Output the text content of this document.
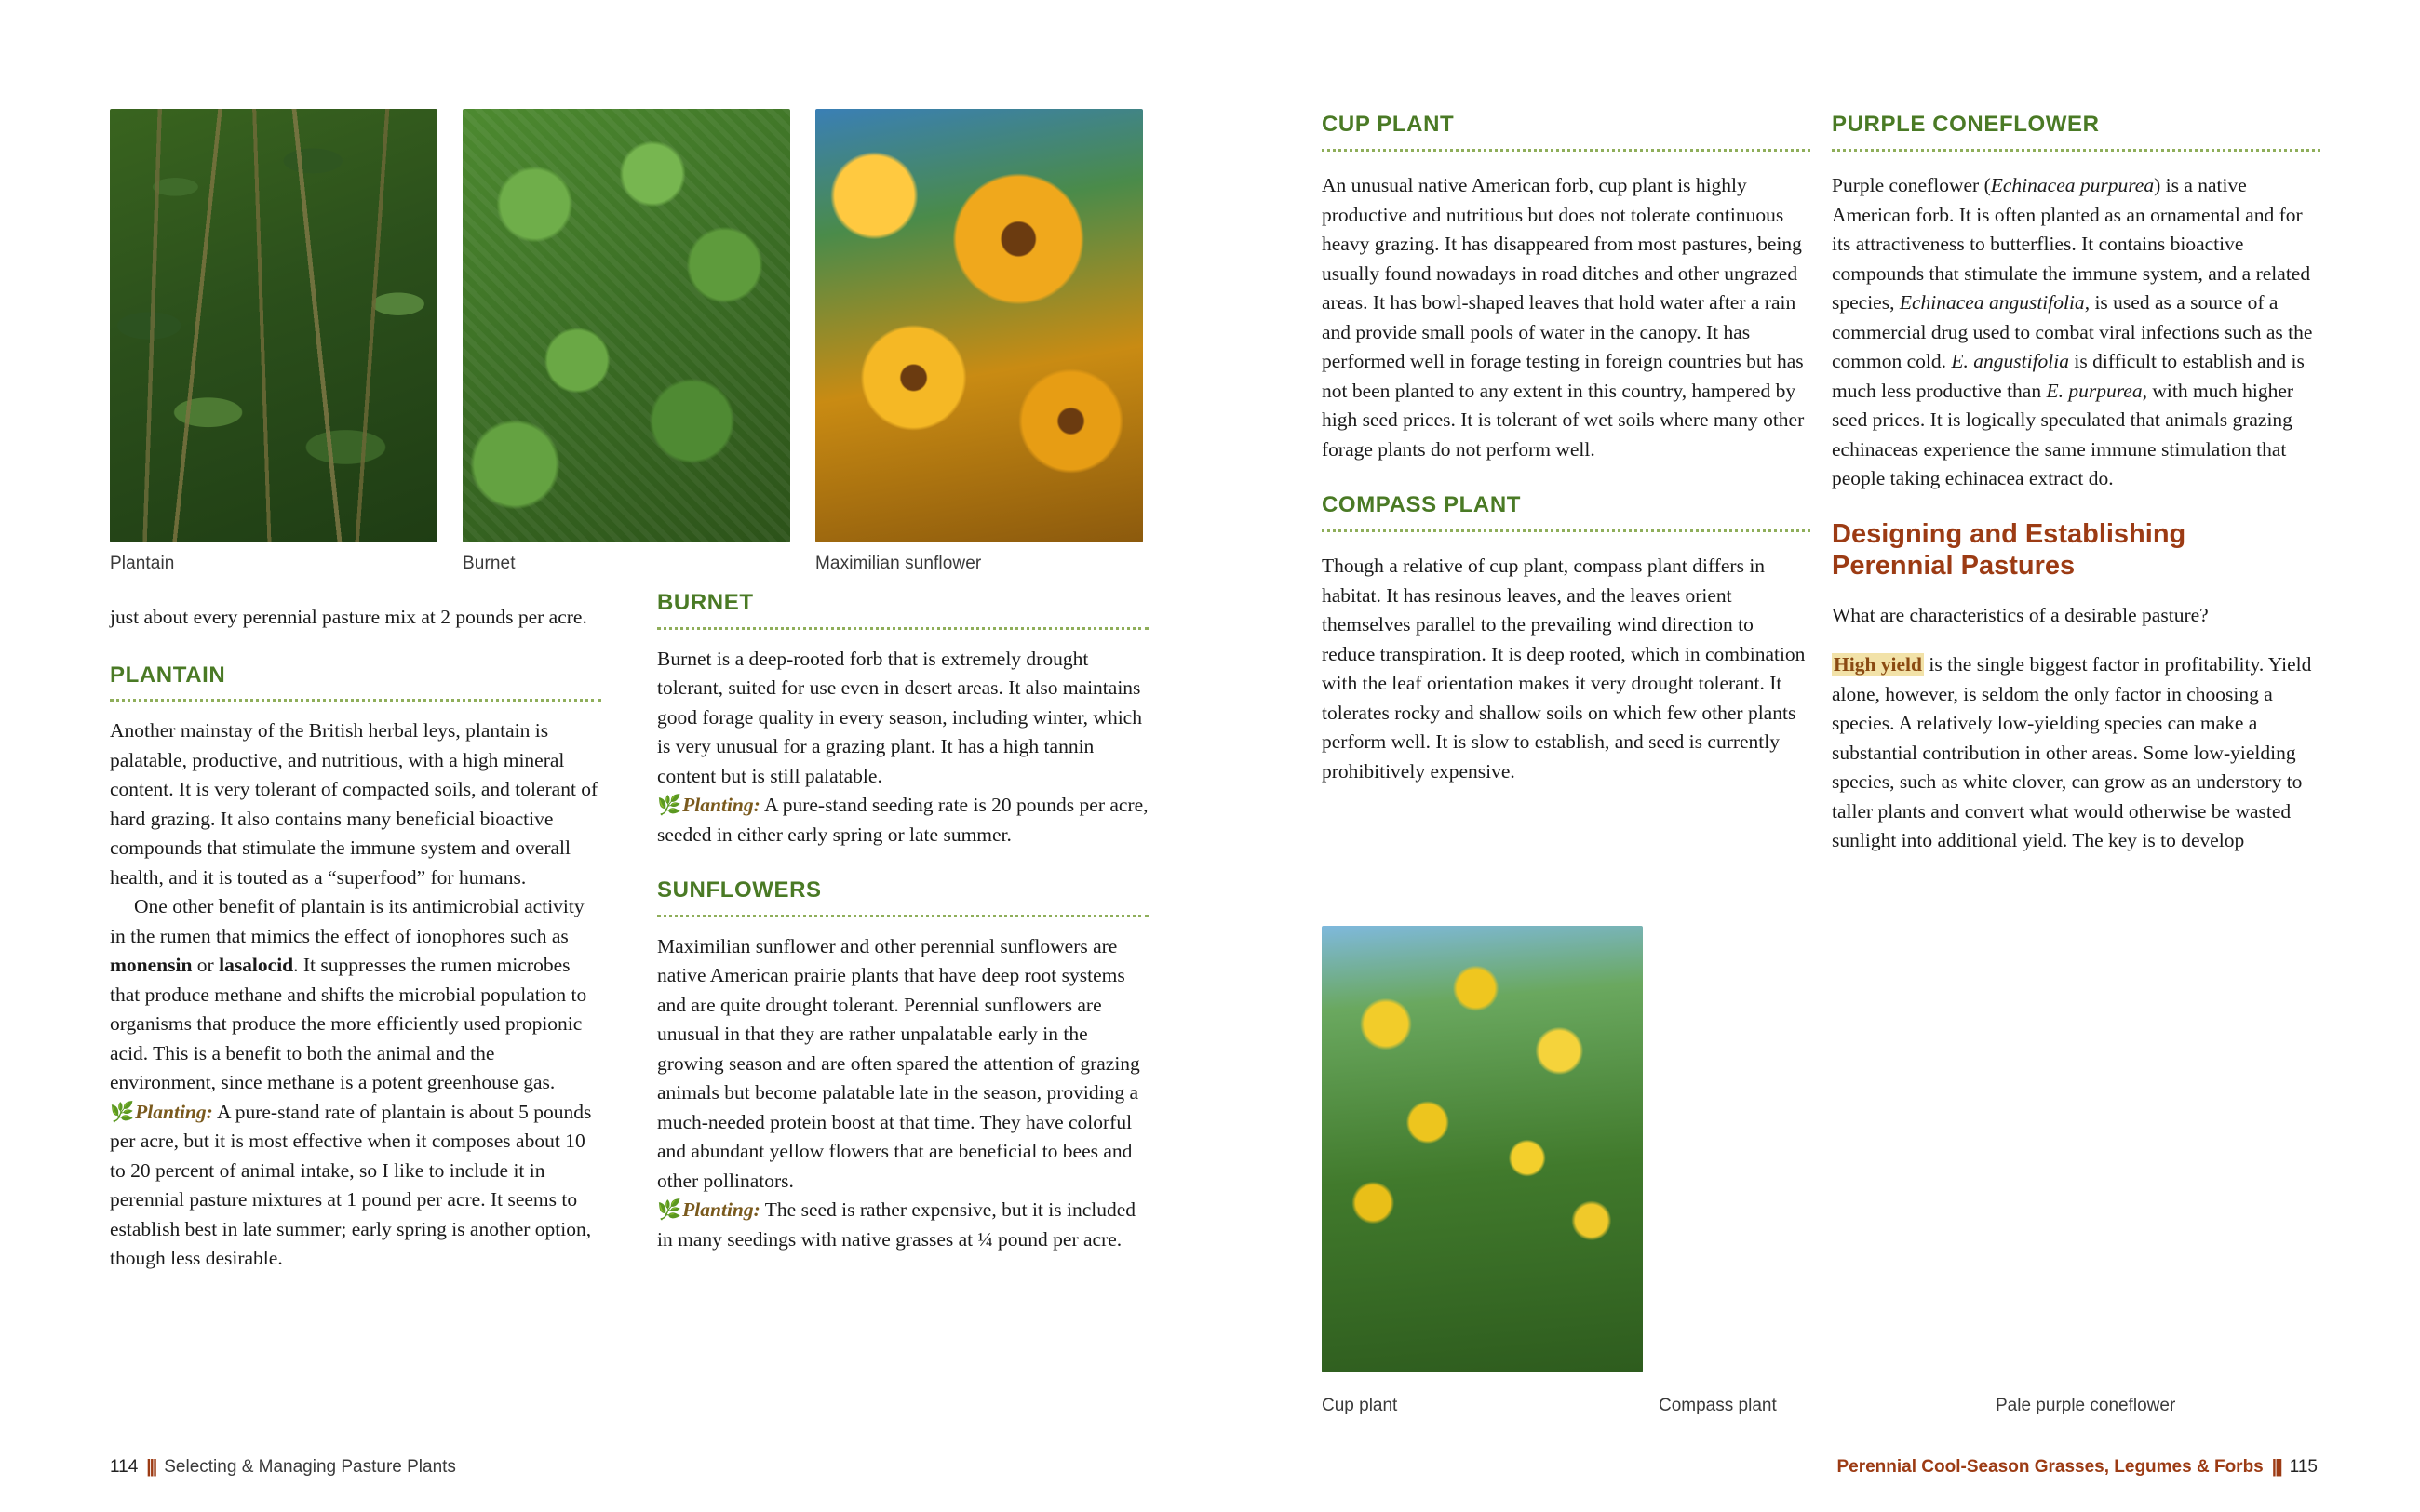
Plantain	Burnet	Maximilian sunflower

just about every perennial pasture mix at 2 pounds per acre.

PLANTAIN

Another mainstay of the British herbal leys, plantain is palatable, productive, and nutritious, with a high mineral content. It is very tolerant of compacted soils, and tolerant of hard grazing. It also contains many beneficial bioactive compounds that stimulate the immune system and overall health, and it is touted as a “superfood” for humans.

One other benefit of plantain is its antimicrobial activity in the rumen that mimics the effect of ionophores such as monensin or lasalocid. It suppresses the rumen microbes that produce methane and shifts the microbial population to organisms that produce the more efficiently used propionic acid. This is a benefit to both the animal and the environment, since methane is a potent greenhouse gas.

🌿Planting: A pure-stand rate of plantain is about 5 pounds per acre, but it is most effective when it composes about 10 to 20 percent of animal intake, so I like to include it in perennial pasture mixtures at 1 pound per acre. It seems to establish best in late summer; early spring is another option, though less desirable.

BURNET

Burnet is a deep-rooted forb that is extremely drought tolerant, suited for use even in desert areas. It also maintains good forage quality in every season, including winter, which is very unusual for a grazing plant. It has a high tannin content but is still palatable.

🌿Planting: A pure-stand seeding rate is 20 pounds per acre, seeded in either early spring or late summer.

SUNFLOWERS

Maximilian sunflower and other perennial sunflowers are native American prairie plants that have deep root systems and are quite drought tolerant. Perennial sunflowers are unusual in that they are rather unpalatable early in the growing season and are often spared the attention of grazing animals but become palatable late in the season, providing a much-needed protein boost at that time. They have colorful and abundant yellow flowers that are beneficial to bees and other pollinators.

🌿Planting: The seed is rather expensive, but it is included in many seedings with native grasses at ¼ pound per acre.

CUP PLANT

An unusual native American forb, cup plant is highly productive and nutritious but does not tolerate continuous heavy grazing. It has disappeared from most pastures, being usually found nowadays in road ditches and other ungrazed areas. It has bowl-shaped leaves that hold water after a rain and provide small pools of water in the canopy. It has performed well in forage testing in foreign countries but has not been planted to any extent in this country, hampered by high seed prices. It is tolerant of wet soils where many other forage plants do not perform well.

COMPASS PLANT

Though a relative of cup plant, compass plant differs in habitat. It has resinous leaves, and the leaves orient themselves parallel to the prevailing wind direction to reduce transpiration. It is deep rooted, which in combination with the leaf orientation makes it very drought tolerant. It tolerates rocky and shallow soils on which few other plants perform well. It is slow to establish, and seed is currently prohibitively expensive.

PURPLE CONEFLOWER

Purple coneflower (Echinacea purpurea) is a native American forb. It is often planted as an ornamental and for its attractiveness to butterflies. It contains bioactive compounds that stimulate the immune system, and a related species, Echinacea angustifolia, is used as a source of a commercial drug used to combat viral infections such as the common cold. E. angustifolia is difficult to establish and is much less productive than E. purpurea, with much higher seed prices. It is logically speculated that animals grazing echinaceas experience the same immune stimulation that people taking echinacea extract do.

Designing and Establishing
Perennial Pastures

What are characteristics of a desirable pasture?

High yield is the single biggest factor in profitability. Yield alone, however, is seldom the only factor in choosing a species. A relatively low-yielding species can make a substantial contribution in other areas. Some low-yielding species, such as white clover, can grow as an understory to taller plants and convert what would otherwise be wasted sunlight into additional yield. The key is to develop

Cup plant	Compass plant	Pale purple coneflower
114 ||| Selecting & Managing Pasture Plants	Perennial Cool-Season Grasses, Legumes & Forbs ||| 115
